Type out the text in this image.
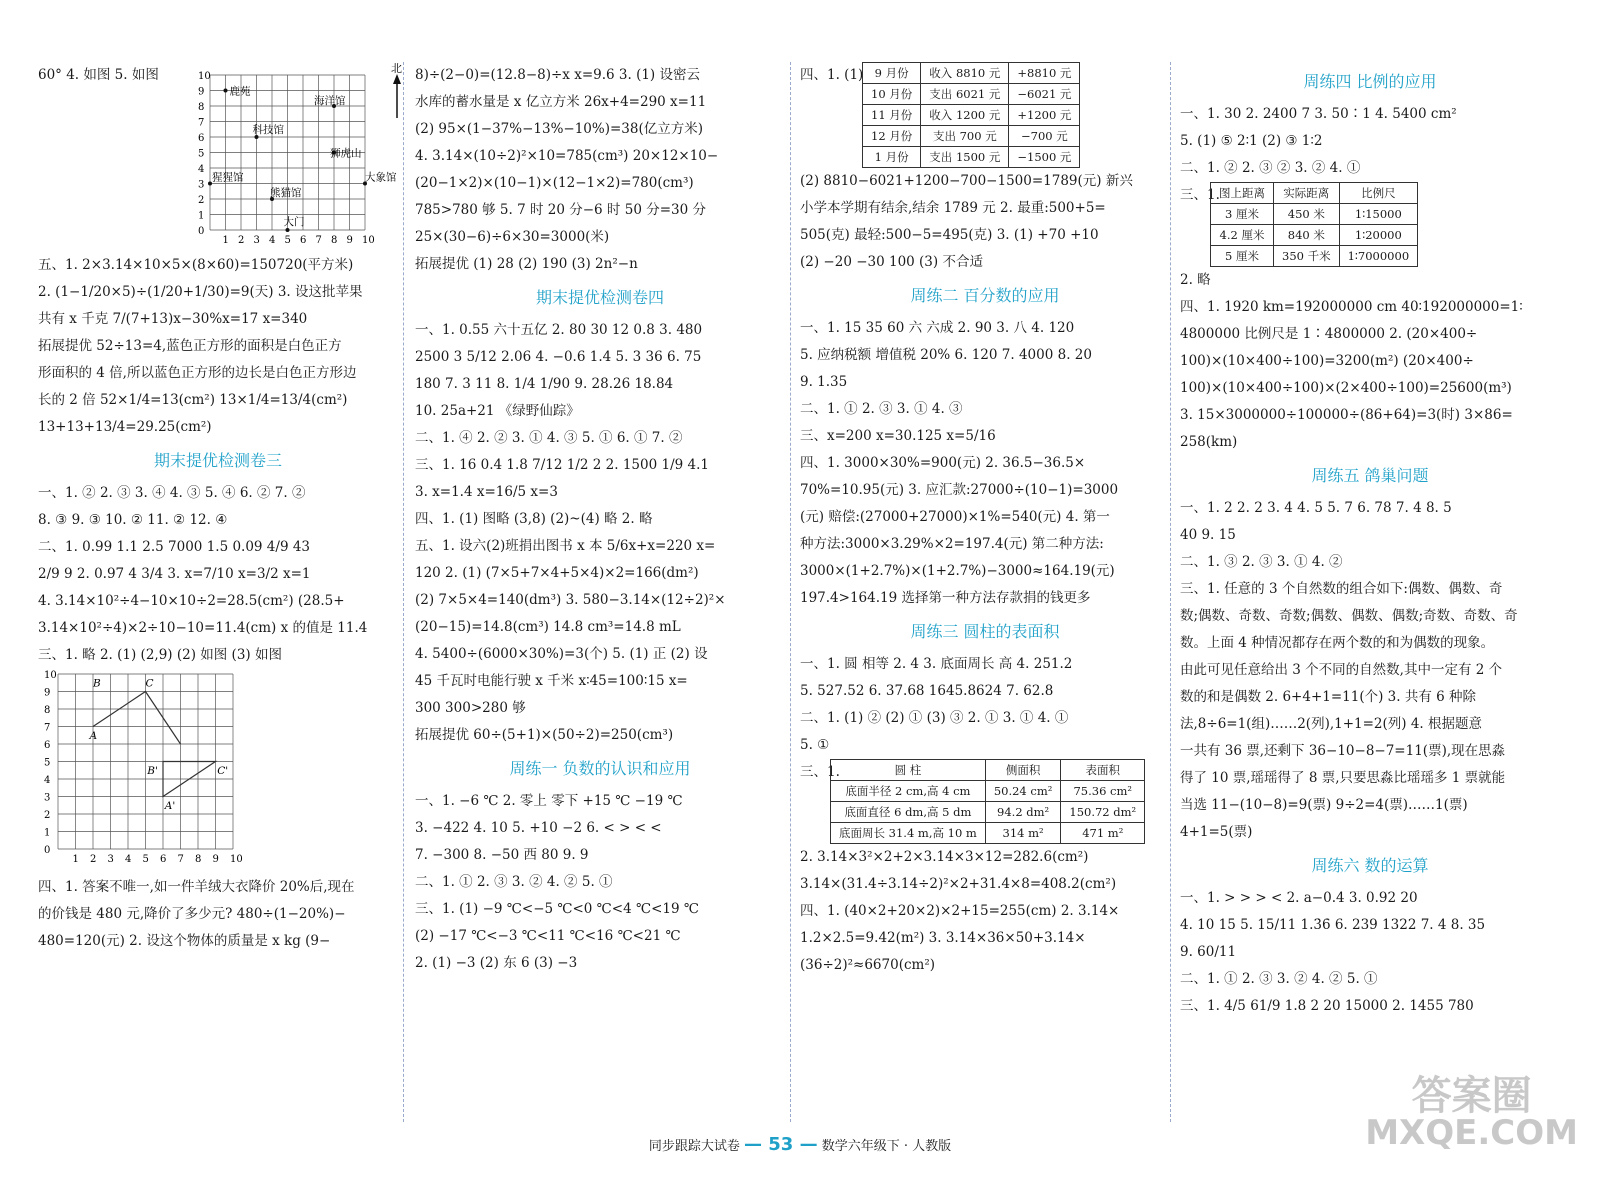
60° 4. 如图 5. 如图

1 2 3 4 5 6 7 8 9 10
0
1
2
3
4
5
6
7
8
9
10
鹿苑
海洋馆
科技馆
狮虎山
猩猩馆
熊猫馆
大象馆
大门
北

五、1. 2×3.14×10×5×(8×60)=150720(平方米)

2. (1−1/20×5)÷(1/20+1/30)=9(天) 3. 设这批苹果

共有 x 千克 7/(7+13)x−30%x=17 x=340

拓展提优 52÷13=4,蓝色正方形的面积是白色正方

形面积的 4 倍,所以蓝色正方形的边长是白色正方形边

长的 2 倍 52×1/4=13(cm²) 13×1/4=13/4(cm²)

13+13+13/4=29.25(cm²)

期末提优检测卷三

一、1. ② 2. ③ 3. ④ 4. ③ 5. ④ 6. ② 7. ②

8. ③ 9. ③ 10. ② 11. ② 12. ④

二、1. 0.99 1.1 2.5 7000 1.5 0.09 4/9 43

2/9 9 2. 0.97 4 3/4 3. x=7/10 x=3/2 x=1

4. 3.14×10²÷4−10×10÷2=28.5(cm²) (28.5+

3.14×10²÷4)×2÷10−10=11.4(cm) x 的值是 11.4

三、1. 略 2. (1) (2,9) (2) 如图 (3) 如图

1 2 3 4 5 6 7 8 9 10
0
1
2
3
4
5
6
7
8
9
10
B	C
A
B'	C'
A'

四、1. 答案不唯一,如一件羊绒大衣降价 20%后,现在

的价钱是 480 元,降价了多少元? 480÷(1−20%)−

480=120(元) 2. 设这个物体的质量是 x kg (9−

8)÷(2−0)=(12.8−8)÷x x=9.6 3. (1) 设密云

水库的蓄水量是 x 亿立方米 26x+4=290 x=11

(2) 95×(1−37%−13%−10%)=38(亿立方米)

4. 3.14×(10÷2)²×10=785(cm³) 20×12×10−

(20−1×2)×(10−1)×(12−1×2)=780(cm³)

785>780 够 5. 7 时 20 分−6 时 50 分=30 分

25×(30−6)÷6×30=3000(米)

拓展提优 (1) 28 (2) 190 (3) 2n²−n

期末提优检测卷四

一、1. 0.55 六十五亿 2. 80 30 12 0.8 3. 480

2500 3 5/12 2.06 4. −0.6 1.4 5. 3 36 6. 75

180 7. 3 11 8. 1/4 1/90 9. 28.26 18.84

10. 25a+21 《绿野仙踪》

二、1. ④ 2. ② 3. ① 4. ③ 5. ① 6. ① 7. ②

三、1. 16 0.4 1.8 7/12 1/2 2 2. 1500 1/9 4.1

3. x=1.4 x=16/5 x=3

四、1. (1) 图略 (3,8) (2)~(4) 略 2. 略

五、1. 设六(2)班捐出图书 x 本 5/6x+x=220 x=

120 2. (1) (7×5+7×4+5×4)×2=166(dm²)

(2) 7×5×4=140(dm³) 3. 580−3.14×(12÷2)²×

(20−15)=14.8(cm³) 14.8 cm³=14.8 mL

4. 5400÷(6000×30%)=3(个) 5. (1) 正 (2) 设

45 千瓦时电能行驶 x 千米 x∶45=100∶15 x=

300 300>280 够

拓展提优 60÷(5+1)×(50÷2)=250(cm³)

周练一 负数的认识和应用

一、1. −6 ℃ 2. 零上 零下 +15 ℃ −19 ℃

3. −422 4. 10 5. +10 −2 6. < > < <

7. −300 8. −50 西 80 9. 9

二、1. ① 2. ③ 3. ② 4. ② 5. ①

三、1. (1) −9 ℃<−5 ℃<0 ℃<4 ℃<19 ℃

(2) −17 ℃<−3 ℃<11 ℃<16 ℃<21 ℃

2. (1) −3 (2) 东 6 (3) −3

四、1. (1) 9 月份	收入 8810 元	+8810 元
10 月份	支出 6021 元	−6021 元
11 月份	收入 1200 元	+1200 元
12 月份	支出 700 元	−700 元
1 月份	支出 1500 元	−1500 元

(2) 8810−6021+1200−700−1500=1789(元) 新兴

小学本学期有结余,结余 1789 元 2. 最重:500+5=

505(克) 最轻:500−5=495(克) 3. (1) +70 +10

(2) −20 −30 100 (3) 不合适

周练二 百分数的应用

一、1. 15 35 60 六 六成 2. 90 3. 八 4. 120

5. 应纳税额 增值税 20% 6. 120 7. 4000 8. 20

9. 1.35

二、1. ① 2. ③ 3. ① 4. ③

三、x=200 x=30.125 x=5/16

四、1. 3000×30%=900(元) 2. 36.5−36.5×

70%=10.95(元) 3. 应汇款:27000÷(10−1)=3000

(元) 赔偿:(27000+27000)×1%=540(元) 4. 第一

种方法:3000×3.29%×2=197.4(元) 第二种方法:

3000×(1+2.7%)×(1+2.7%)−3000≈164.19(元)

197.4>164.19 选择第一种方法存款捐的钱更多

周练三 圆柱的表面积

一、1. 圆 相等 2. 4 3. 底面周长 高 4. 251.2

5. 527.52 6. 37.68 1645.8624 7. 62.8

二、1. (1) ② (2) ① (3) ③ 2. ① 3. ① 4. ①

5. ①

三、1.	圆 柱	侧面积	表面积
底面半径 2 cm,高 4 cm	50.24 cm²	75.36 cm²
底面直径 6 dm,高 5 dm	94.2 dm²	150.72 dm²
底面周长 31.4 m,高 10 m	314 m²	471 m²

2. 3.14×3²×2+2×3.14×3×12=282.6(cm²)

3.14×(31.4÷3.14÷2)²×2+31.4×8=408.2(cm²)

四、1. (40×2+20×2)×2+15=255(cm) 2. 3.14×

1.2×2.5=9.42(m²) 3. 3.14×36×50+3.14×

(36÷2)²≈6670(cm²)

周练四 比例的应用

一、1. 30 2. 2400 7 3. 50∶1 4. 5400 cm²

5. (1) ⑤ 2∶1 (2) ③ 1∶2

二、1. ② 2. ③ ② 3. ② 4. ①

三、1. 图上距离	实际距离	比例尺
3 厘米	450 米	1∶15000
4.2 厘米	840 米	1∶20000
5 厘米	350 千米	1∶7000000

2. 略

四、1. 1920 km=192000000 cm 40∶192000000=1∶

4800000 比例尺是 1∶4800000 2. (20×400÷

100)×(10×400÷100)=3200(m²) (20×400÷

100)×(10×400÷100)×(2×400÷100)=25600(m³)

3. 15×3000000÷100000÷(86+64)=3(时) 3×86=

258(km)

周练五 鸽巢问题

一、1. 2 2. 2 3. 4 4. 5 5. 7 6. 78 7. 4 8. 5

40 9. 15

二、1. ③ 2. ③ 3. ① 4. ②

三、1. 任意的 3 个自然数的组合如下:偶数、偶数、奇

数;偶数、奇数、奇数;偶数、偶数、偶数;奇数、奇数、奇

数。上面 4 种情况都存在两个数的和为偶数的现象。

由此可见任意给出 3 个不同的自然数,其中一定有 2 个

数的和是偶数 2. 6+4+1=11(个) 3. 共有 6 种除

法,8÷6=1(组)……2(列),1+1=2(列) 4. 根据题意

一共有 36 票,还剩下 36−10−8−7=11(票),现在思淼

得了 10 票,瑶瑶得了 8 票,只要思淼比瑶瑶多 1 票就能

当选 11−(10−8)=9(票) 9÷2=4(票)……1(票)

4+1=5(票)

周练六 数的运算

一、1. > > > < 2. a−0.4 3. 0.92 20

4. 10 15 5. 15/11 1.3̇6̇ 6. 239 1322 7. 4 8. 35

9. 60/11

二、1. ① 2. ③ 3. ② 4. ② 5. ①

三、1. 4/5 61/9 1.8 2 20 15000 2. 1455 780

同步跟踪大试卷 — 53 — 数学六年级下 · 人教版
答案圈
MXQE.COM
